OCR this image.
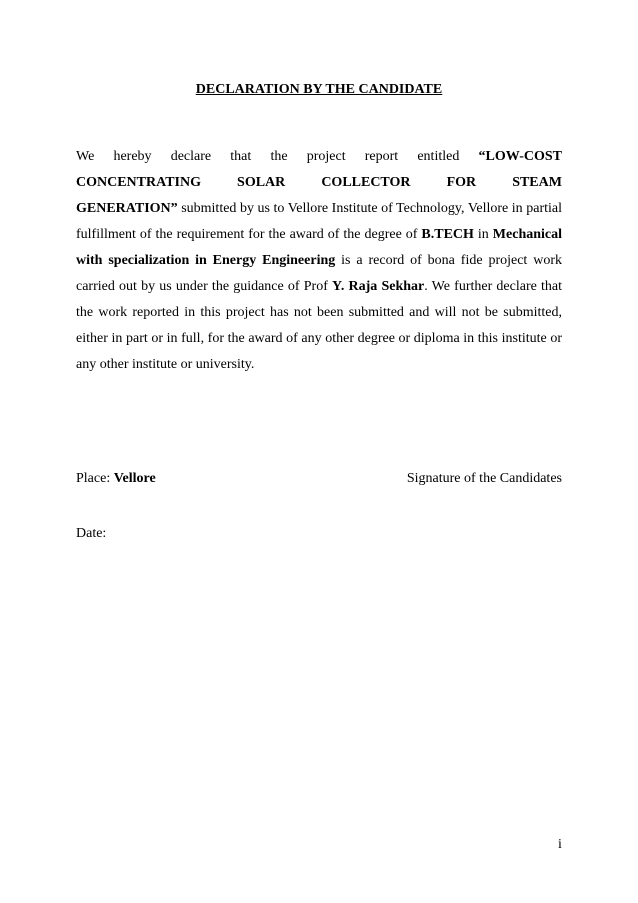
DECLARATION BY THE CANDIDATE
We hereby declare that the project report entitled “LOW-COST
CONCENTRATING	SOLAR	COLLECTOR	FOR	STEAM
GENERATION” submitted by us to Vellore Institute of Technology, Vellore in partial fulfillment of the requirement for the award of the degree of B.TECH in Mechanical with specialization in Energy Engineering is a record of bona fide project work carried out by us under the guidance of Prof Y. Raja Sekhar. We further declare that the work reported in this project has not been submitted and will not be submitted, either in part or in full, for the award of any other degree or diploma in this institute or any other institute or university.
Place: Vellore	Signature of the Candidates
Date:
i
